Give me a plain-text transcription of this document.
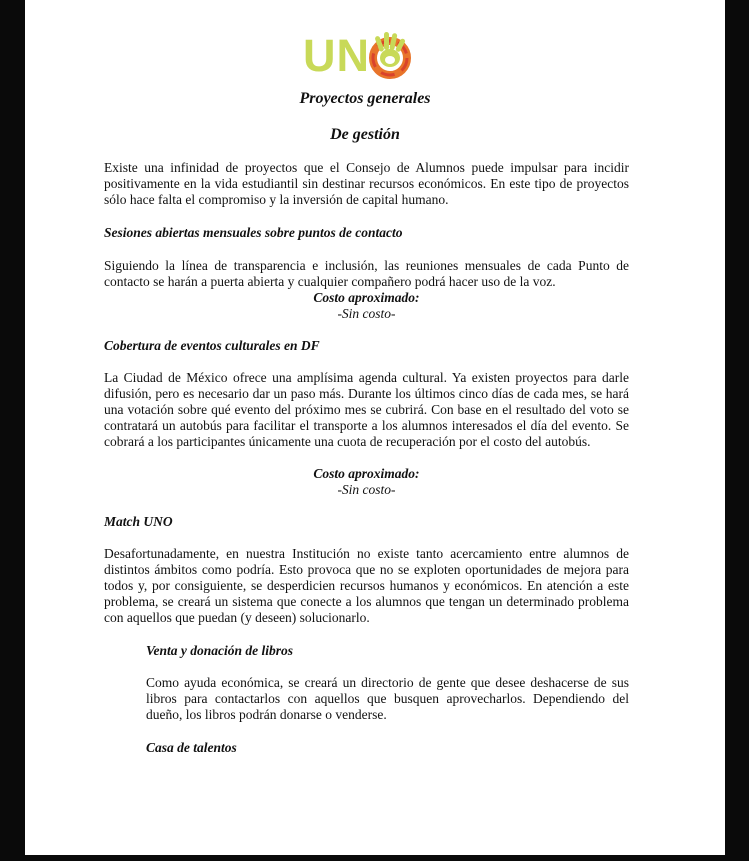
UN
Proyectos generales
De gestión
Existe una infinidad de proyectos que el Consejo de Alumnos puede impulsar para incidir positivamente en la vida estudiantil sin destinar recursos económicos. En este tipo de proyectos sólo hace falta el compromiso y la inversión de capital humano.
Sesiones abiertas mensuales sobre puntos de contacto
Siguiendo la línea de transparencia e inclusión, las reuniones mensuales de cada Punto de contacto se harán a puerta abierta y cualquier compañero podrá hacer uso de la voz.
Costo aproximado:
-Sin costo-
Cobertura de eventos culturales en DF
La Ciudad de México ofrece una amplísima agenda cultural. Ya existen proyectos para darle difusión, pero es necesario dar un paso más. Durante los últimos cinco días de cada mes, se hará una votación sobre qué evento del próximo mes se cubrirá. Con base en el resultado del voto se contratará un autobús para facilitar el transporte a los alumnos interesados el día del evento. Se cobrará a los participantes únicamente una cuota de recuperación por el costo del autobús.
Costo aproximado:
-Sin costo-
Match UNO
Desafortunadamente, en nuestra Institución no existe tanto acercamiento entre alumnos de distintos ámbitos como podría. Esto provoca que no se exploten oportunidades de mejora para todos y, por consiguiente, se desperdicien recursos humanos y económicos. En atención a este problema, se creará un sistema que conecte a los alumnos que tengan un determinado problema con aquellos que puedan (y deseen) solucionarlo.
Venta y donación de libros
Como ayuda económica, se creará un directorio de gente que desee deshacerse de sus libros para contactarlos con aquellos que busquen aprovecharlos. Dependiendo del dueño, los libros podrán donarse o venderse.
Casa de talentos
